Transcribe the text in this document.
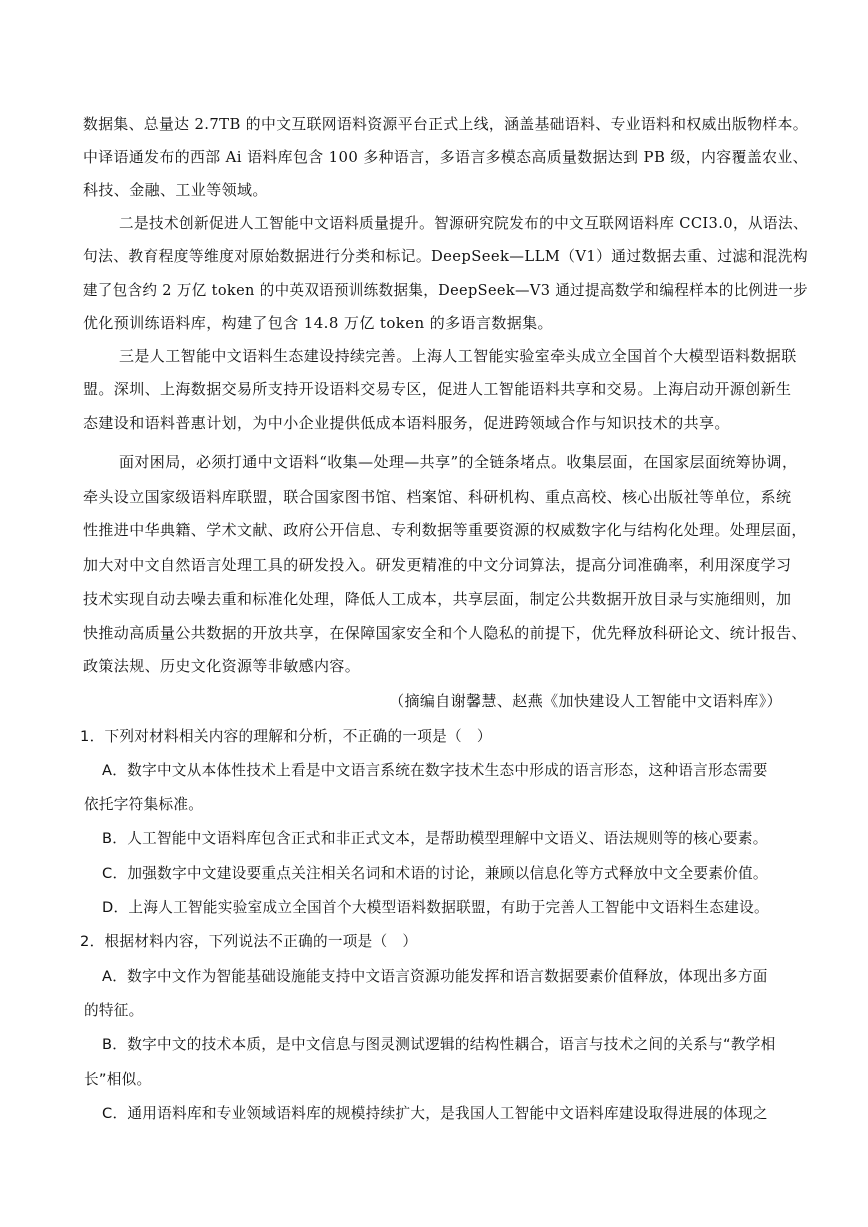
数据集、总量达 2.7TB 的中文互联网语料资源平台正式上线，涵盖基础语料、专业语料和权威出版物样本。
中译语通发布的西部 Ai 语料库包含 100 多种语言，多语言多模态高质量数据达到 PB 级，内容覆盖农业、
科技、金融、工业等领域。
二是技术创新促进人工智能中文语料质量提升。智源研究院发布的中文互联网语料库 CCI3.0，从语法、
句法、教育程度等维度对原始数据进行分类和标记。DeepSeek—LLM（V1）通过数据去重、过滤和混洗构
建了包含约 2 万亿 token 的中英双语预训练数据集，DeepSeek—V3 通过提高数学和编程样本的比例进一步
优化预训练语料库，构建了包含 14.8 万亿 token 的多语言数据集。
三是人工智能中文语料生态建设持续完善。上海人工智能实验室牵头成立全国首个大模型语料数据联
盟。深圳、上海数据交易所支持开设语料交易专区，促进人工智能语料共享和交易。上海启动开源创新生
态建设和语料普惠计划，为中小企业提供低成本语料服务，促进跨领域合作与知识技术的共享。
面对困局，必须打通中文语料“收集—处理—共享”的全链条堵点。收集层面，在国家层面统筹协调，
牵头设立国家级语料库联盟，联合国家图书馆、档案馆、科研机构、重点高校、核心出版社等单位，系统
性推进中华典籍、学术文献、政府公开信息、专利数据等重要资源的权威数字化与结构化处理。处理层面，
加大对中文自然语言处理工具的研发投入。研发更精准的中文分词算法，提高分词准确率，利用深度学习
技术实现自动去噪去重和标准化处理，降低人工成本，共享层面，制定公共数据开放目录与实施细则，加
快推动高质量公共数据的开放共享，在保障国家安全和个人隐私的前提下，优先释放科研论文、统计报告、
政策法规、历史文化资源等非敏感内容。
（摘编自谢馨慧、赵燕《加快建设人工智能中文语料库》）
1．下列对材料相关内容的理解和分析，不正确的一项是（　）
A．数字中文从本体性技术上看是中文语言系统在数字技术生态中形成的语言形态，这种语言形态需要
依托字符集标准。
B．人工智能中文语料库包含正式和非正式文本，是帮助模型理解中文语义、语法规则等的核心要素。
C．加强数字中文建设要重点关注相关名词和术语的讨论，兼顾以信息化等方式释放中文全要素价值。
D．上海人工智能实验室成立全国首个大模型语料数据联盟，有助于完善人工智能中文语料生态建设。
2．根据材料内容，下列说法不正确的一项是（　）
A．数字中文作为智能基础设施能支持中文语言资源功能发挥和语言数据要素价值释放，体现出多方面
的特征。
B．数字中文的技术本质，是中文信息与图灵测试逻辑的结构性耦合，语言与技术之间的关系与“教学相
长”相似。
C．通用语料库和专业领域语料库的规模持续扩大，是我国人工智能中文语料库建设取得进展的体现之
